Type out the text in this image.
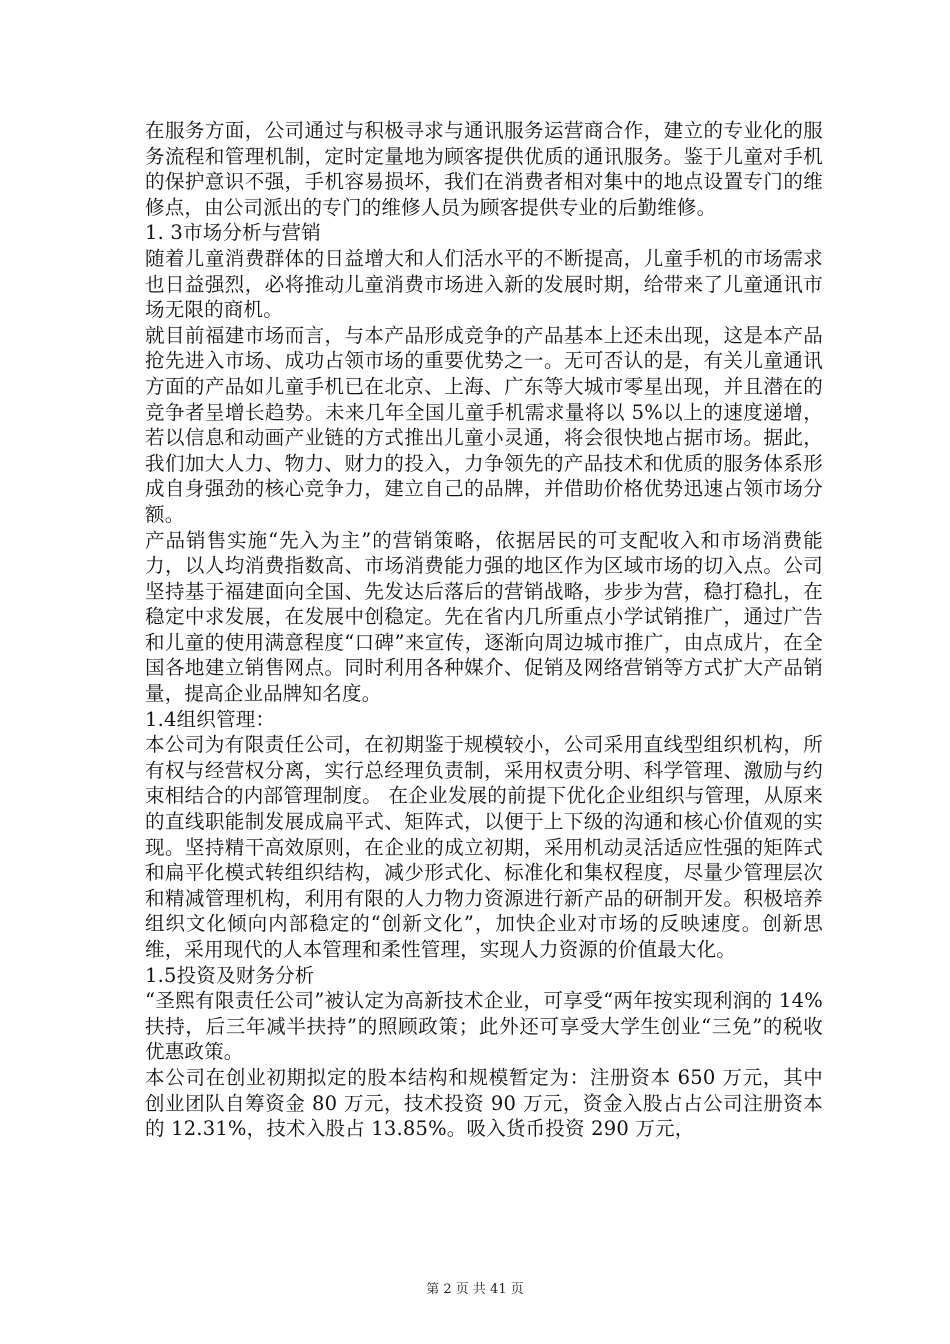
在服务方面，公司通过与积极寻求与通讯服务运营商合作，建立的专业化的服务流程和管理机制，定时定量地为顾客提供优质的通讯服务。鉴于儿童对手机的保护意识不强，手机容易损坏，我们在消费者相对集中的地点设置专门的维修点，由公司派出的专门的维修人员为顾客提供专业的后勤维修。

1. 3市场分析与营销

随着儿童消费群体的日益增大和人们活水平的不断提高，儿童手机的市场需求也日益强烈，必将推动儿童消费市场进入新的发展时期，给带来了儿童通讯市场无限的商机。

就目前福建市场而言，与本产品形成竞争的产品基本上还未出现，这是本产品抢先进入市场、成功占领市场的重要优势之一。无可否认的是，有关儿童通讯方面的产品如儿童手机已在北京、上海、广东等大城市零星出现，并且潜在的竞争者呈增长趋势。未来几年全国儿童手机需求量将以 5%以上的速度递增，若以信息和动画产业链的方式推出儿童小灵通，将会很快地占据市场。据此，我们加大人力、物力、财力的投入，力争领先的产品技术和优质的服务体系形成自身强劲的核心竞争力，建立自己的品牌，并借助价格优势迅速占领市场分额。

产品销售实施“先入为主”的营销策略，依据居民的可支配收入和市场消费能力，以人均消费指数高、市场消费能力强的地区作为区域市场的切入点。公司坚持基于福建面向全国、先发达后落后的营销战略，步步为营，稳打稳扎，在稳定中求发展，在发展中创稳定。先在省内几所重点小学试销推广，通过广告和儿童的使用满意程度“口碑”来宣传，逐渐向周边城市推广，由点成片，在全国各地建立销售网点。同时利用各种媒介、促销及网络营销等方式扩大产品销量，提高企业品牌知名度。

1.4组织管理：

本公司为有限责任公司，在初期鉴于规模较小，公司采用直线型组织机构，所有权与经营权分离，实行总经理负责制，采用权责分明、科学管理、激励与约束相结合的内部管理制度。 在企业发展的前提下优化企业组织与管理，从原来的直线职能制发展成扁平式、矩阵式，以便于上下级的沟通和核心价值观的实现。坚持精干高效原则，在企业的成立初期，采用机动灵活适应性强的矩阵式和扁平化模式转组织结构，减少形式化、标准化和集权程度，尽量少管理层次和精减管理机构，利用有限的人力物力资源进行新产品的研制开发。积极培养组织文化倾向内部稳定的“创新文化”，加快企业对市场的反映速度。创新思维，采用现代的人本管理和柔性管理，实现人力资源的价值最大化。

1.5投资及财务分析

“圣熙有限责任公司”被认定为高新技术企业，可享受“两年按实现利润的 14%扶持，后三年减半扶持”的照顾政策；此外还可享受大学生创业“三免”的税收优惠政策。

本公司在创业初期拟定的股本结构和规模暂定为：注册资本 650 万元，其中创业团队自筹资金 80 万元，技术投资 90 万元，资金入股占占公司注册资本的 12.31%，技术入股占 13.85%。吸入货币投资 290 万元，

第 2 页 共 41 页
